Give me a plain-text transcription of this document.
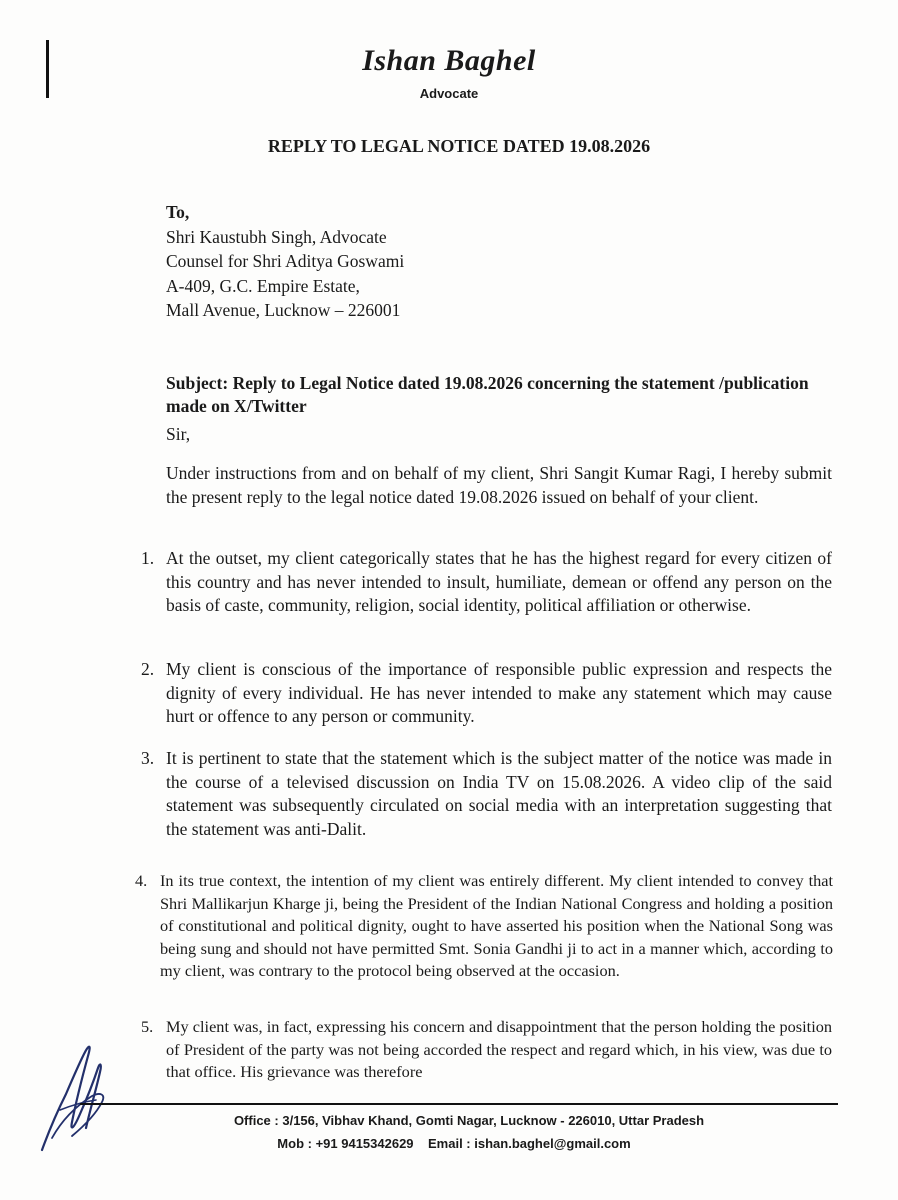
Ishan Baghel
Advocate
REPLY TO LEGAL NOTICE DATED 19.08.2026
To,
Shri Kaustubh Singh, Advocate
Counsel for Shri Aditya Goswami
A-409, G.C. Empire Estate,
Mall Avenue, Lucknow – 226001
Subject: Reply to Legal Notice dated 19.08.2026 concerning the statement /publication made on X/Twitter
Sir,
Under instructions from and on behalf of my client, Shri Sangit Kumar Ragi, I hereby submit the present reply to the legal notice dated 19.08.2026 issued on behalf of your client.
1. At the outset, my client categorically states that he has the highest regard for every citizen of this country and has never intended to insult, humiliate, demean or offend any person on the basis of caste, community, religion, social identity, political affiliation or otherwise.
2. My client is conscious of the importance of responsible public expression and respects the dignity of every individual. He has never intended to make any statement which may cause hurt or offence to any person or community.
3. It is pertinent to state that the statement which is the subject matter of the notice was made in the course of a televised discussion on India TV on 15.08.2026. A video clip of the said statement was subsequently circulated on social media with an interpretation suggesting that the statement was anti-Dalit.
4. In its true context, the intention of my client was entirely different. My client intended to convey that Shri Mallikarjun Kharge ji, being the President of the Indian National Congress and holding a position of constitutional and political dignity, ought to have asserted his position when the National Song was being sung and should not have permitted Smt. Sonia Gandhi ji to act in a manner which, according to my client, was contrary to the protocol being observed at the occasion.
5. My client was, in fact, expressing his concern and disappointment that the person holding the position of President of the party was not being accorded the respect and regard which, in his view, was due to that office. His grievance was therefore
Office : 3/156, Vibhav Khand, Gomti Nagar, Lucknow - 226010, Uttar Pradesh
Mob : +91 9415342629 Email : ishan.baghel@gmail.com
